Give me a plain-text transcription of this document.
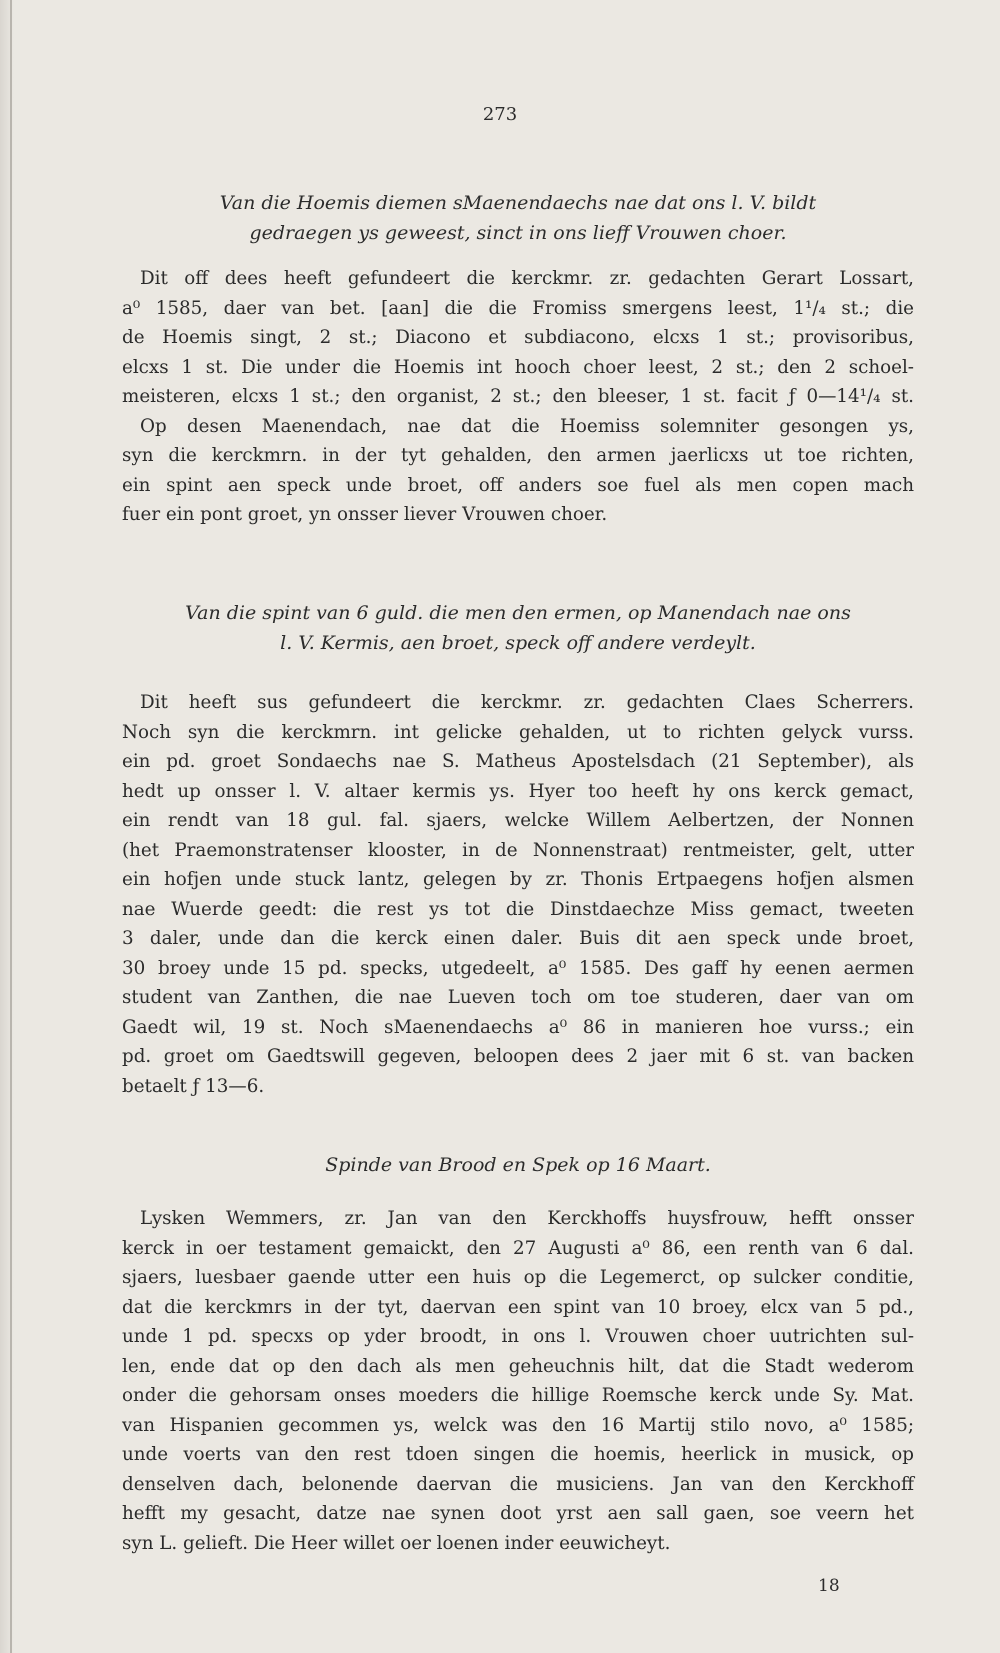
273
Van die Hoemis diemen sMaenendaechs nae dat ons l. V. bildt
gedraegen ys geweest, sinct in ons lieff Vrouwen choer.
Dit off dees heeft gefundeert die kerckmr. zr. gedachten Gerart Lossart,
a⁰ 1585, daer van bet. [aan] die die Fromiss smergens leest, 1¹/₄ st.; die
de Hoemis singt, 2 st.; Diacono et subdiacono, elcxs 1 st.; provisoribus,
elcxs 1 st. Die under die Hoemis int hooch choer leest, 2 st.; den 2 schoel-
meisteren, elcxs 1 st.; den organist, 2 st.; den bleeser, 1 st. facit ƒ 0—14¹/₄ st.
Op desen Maenendach, nae dat die Hoemiss solemniter gesongen ys,
syn die kerckmrn. in der tyt gehalden, den armen jaerlicxs ut toe richten,
ein spint aen speck unde broet, off anders soe fuel als men copen mach
fuer ein pont groet, yn onsser liever Vrouwen choer.
Van die spint van 6 guld. die men den ermen, op Manendach nae ons
l. V. Kermis, aen broet, speck off andere verdeylt.
Dit heeft sus gefundeert die kerckmr. zr. gedachten Claes Scherrers.
Noch syn die kerckmrn. int gelicke gehalden, ut to richten gelyck vurss.
ein pd. groet Sondaechs nae S. Matheus Apostelsdach (21 September), als
hedt up onsser l. V. altaer kermis ys. Hyer too heeft hy ons kerck gemact,
ein rendt van 18 gul. fal. sjaers, welcke Willem Aelbertzen, der Nonnen
(het Praemonstratenser klooster, in de Nonnenstraat) rentmeister, gelt, utter
ein hofjen unde stuck lantz, gelegen by zr. Thonis Ertpaegens hofjen alsmen
nae Wuerde geedt: die rest ys tot die Dinstdaechze Miss gemact, tweeten
3 daler, unde dan die kerck einen daler. Buis dit aen speck unde broet,
30 broey unde 15 pd. specks, utgedeelt, a⁰ 1585. Des gaff hy eenen aermen
student van Zanthen, die nae Lueven toch om toe studeren, daer van om
Gaedt wil, 19 st. Noch sMaenendaechs a⁰ 86 in manieren hoe vurss.; ein
pd. groet om Gaedtswill gegeven, beloopen dees 2 jaer mit 6 st. van backen
betaelt ƒ 13—6.
Spinde van Brood en Spek op 16 Maart.
Lysken Wemmers, zr. Jan van den Kerckhoffs huysfrouw, hefft onsser
kerck in oer testament gemaickt, den 27 Augusti a⁰ 86, een renth van 6 dal.
sjaers, luesbaer gaende utter een huis op die Legemerct, op sulcker conditie,
dat die kerckmrs in der tyt, daervan een spint van 10 broey, elcx van 5 pd.,
unde 1 pd. specxs op yder broodt, in ons l. Vrouwen choer uutrichten sul-
len, ende dat op den dach als men geheuchnis hilt, dat die Stadt wederom
onder die gehorsam onses moeders die hillige Roemsche kerck unde Sy. Mat.
van Hispanien gecommen ys, welck was den 16 Martij stilo novo, a⁰ 1585;
unde voerts van den rest tdoen singen die hoemis, heerlick in musick, op
denselven dach, belonende daervan die musiciens. Jan van den Kerckhoff
hefft my gesacht, datze nae synen doot yrst aen sall gaen, soe veern het
syn L. gelieft. Die Heer willet oer loenen inder eeuwicheyt.
18
